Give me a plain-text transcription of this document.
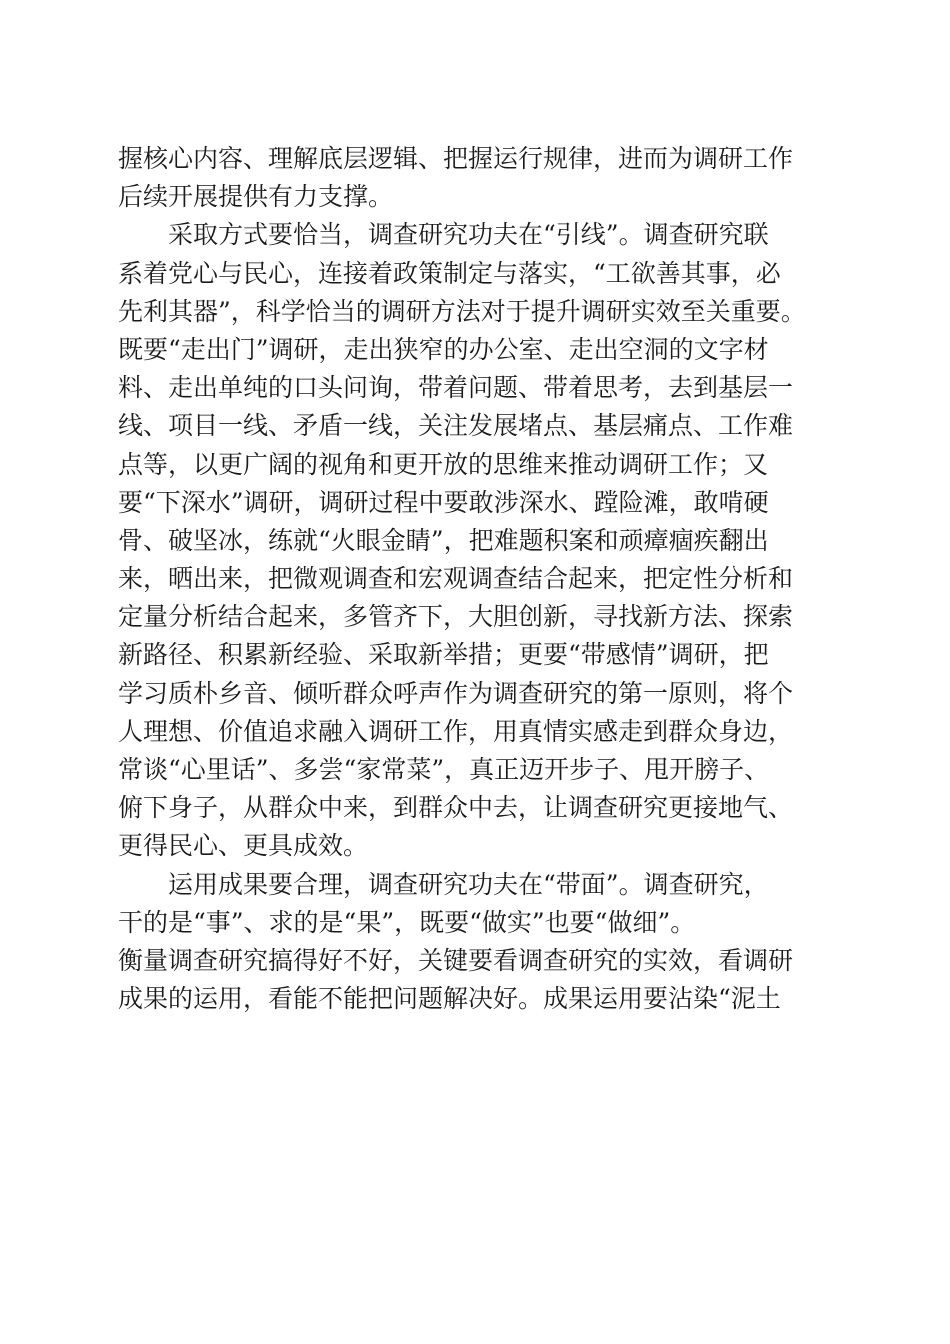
握核心内容、理解底层逻辑、把握运行规律，进而为调研工作
后续开展提供有力支撑。
采取方式要恰当，调查研究功夫在“引线”。调查研究联
系着党心与民心，连接着政策制定与落实，“工欲善其事，必
先利其器”，科学恰当的调研方法对于提升调研实效至关重要。
既要“走出门”调研，走出狭窄的办公室、走出空洞的文字材
料、走出单纯的口头问询，带着问题、带着思考，去到基层一
线、项目一线、矛盾一线，关注发展堵点、基层痛点、工作难
点等，以更广阔的视角和更开放的思维来推动调研工作；又
要“下深水”调研，调研过程中要敢涉深水、蹚险滩，敢啃硬
骨、破坚冰，练就“火眼金睛”，把难题积案和顽瘴痼疾翻出
来，晒出来，把微观调查和宏观调查结合起来，把定性分析和
定量分析结合起来，多管齐下，大胆创新，寻找新方法、探索
新路径、积累新经验、采取新举措；更要“带感情”调研，把
学习质朴乡音、倾听群众呼声作为调查研究的第一原则，将个
人理想、价值追求融入调研工作，用真情实感走到群众身边，
常谈“心里话”、多尝“家常菜”，真正迈开步子、甩开膀子、
俯下身子，从群众中来，到群众中去，让调查研究更接地气、
更得民心、更具成效。
运用成果要合理，调查研究功夫在“带面”。调查研究，
干的是“事”、求的是“果”，既要“做实”也要“做细”。
衡量调查研究搞得好不好，关键要看调查研究的实效，看调研
成果的运用，看能不能把问题解决好。成果运用要沾染“泥土
